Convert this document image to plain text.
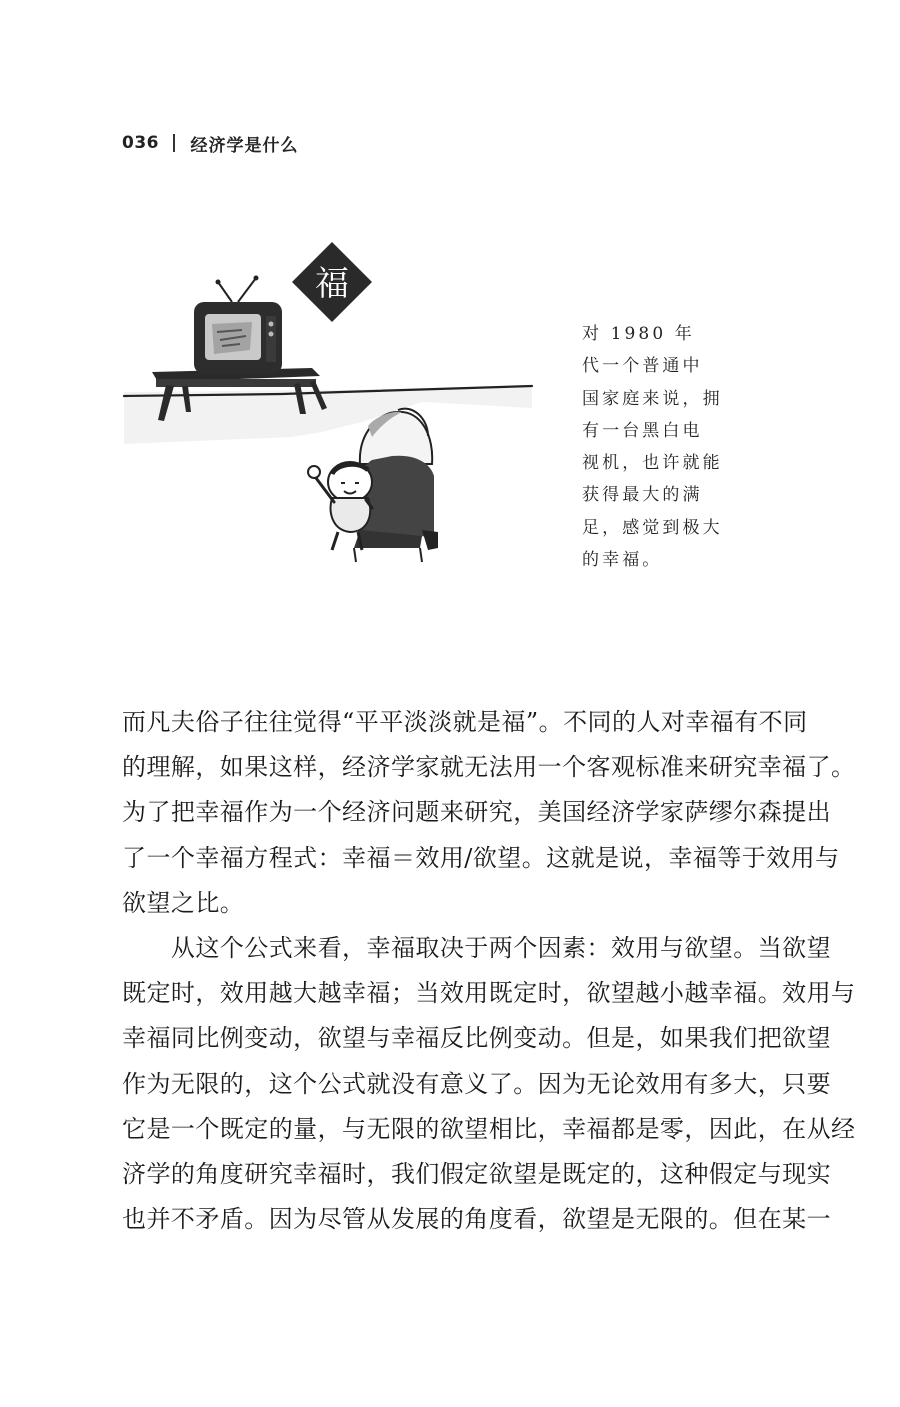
036 经济学是什么
福
对 1980 年
代一个普通中
国家庭来说，拥
有一台黑白电
视机，也许就能
获得最大的满
足，感觉到极大
的幸福。
而凡夫俗子往往觉得“平平淡淡就是福”。不同的人对幸福有不同
的理解，如果这样，经济学家就无法用一个客观标准来研究幸福了。
为了把幸福作为一个经济问题来研究，美国经济学家萨缪尔森提出
了一个幸福方程式：幸福＝效用/欲望。这就是说，幸福等于效用与
欲望之比。
　　从这个公式来看，幸福取决于两个因素：效用与欲望。当欲望
既定时，效用越大越幸福；当效用既定时，欲望越小越幸福。效用与
幸福同比例变动，欲望与幸福反比例变动。但是，如果我们把欲望
作为无限的，这个公式就没有意义了。因为无论效用有多大，只要
它是一个既定的量，与无限的欲望相比，幸福都是零，因此，在从经
济学的角度研究幸福时，我们假定欲望是既定的，这种假定与现实
也并不矛盾。因为尽管从发展的角度看，欲望是无限的。但在某一
